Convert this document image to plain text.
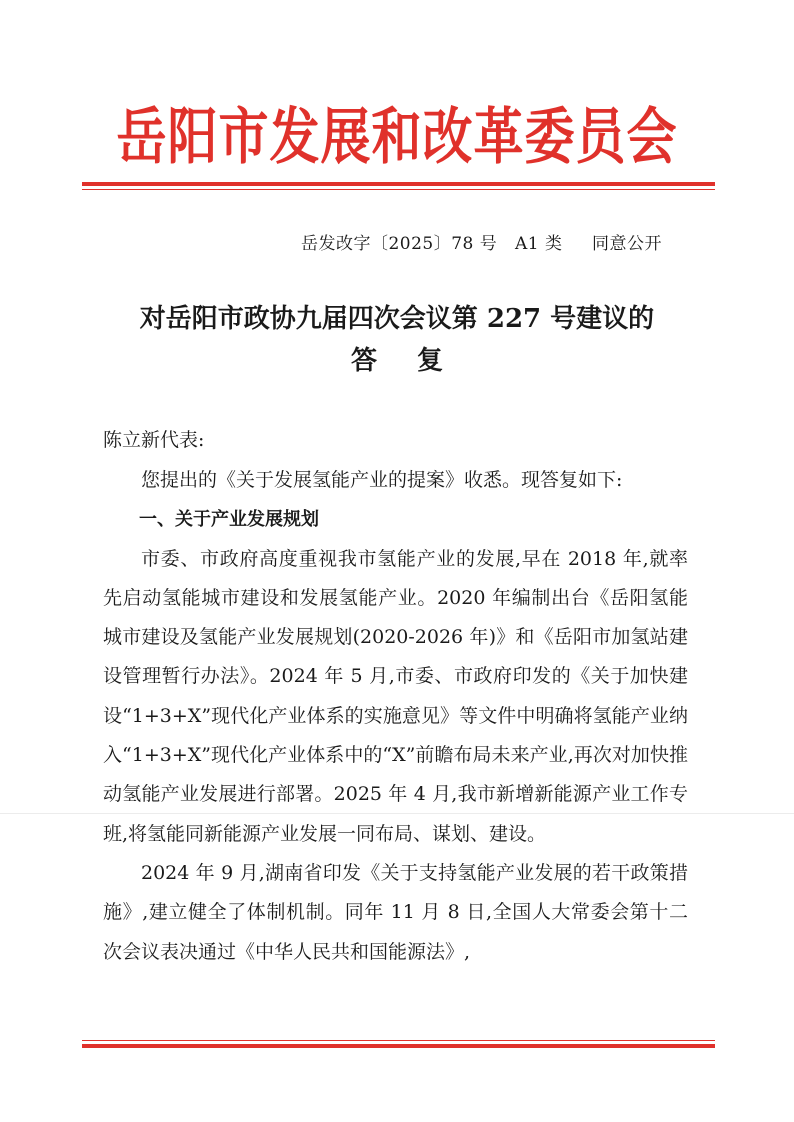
岳阳市发展和改革委员会
岳发改字〔2025〕78 号   A1 类     同意公开
对岳阳市政协九届四次会议第 227 号建议的
答复
陈立新代表:

您提出的《关于发展氢能产业的提案》收悉。现答复如下:

一、关于产业发展规划

市委、市政府高度重视我市氢能产业的发展,早在 2018 年,就率先启动氢能城市建设和发展氢能产业。2020 年编制出台《岳阳氢能城市建设及氢能产业发展规划(2020-2026 年)》和《岳阳市加氢站建设管理暂行办法》。2024 年 5 月,市委、市政府印发的《关于加快建设“1+3+X”现代化产业体系的实施意见》等文件中明确将氢能产业纳入“1+3+X”现代化产业体系中的“X”前瞻布局未来产业,再次对加快推动氢能产业发展进行部署。2025 年 4 月,我市新增新能源产业工作专班,将氢能同新能源产业发展一同布局、谋划、建设。

2024 年 9 月,湖南省印发《关于支持氢能产业发展的若干政策措施》,建立健全了体制机制。同年 11 月 8 日,全国人大常委会第十二次会议表决通过《中华人民共和国能源法》,
